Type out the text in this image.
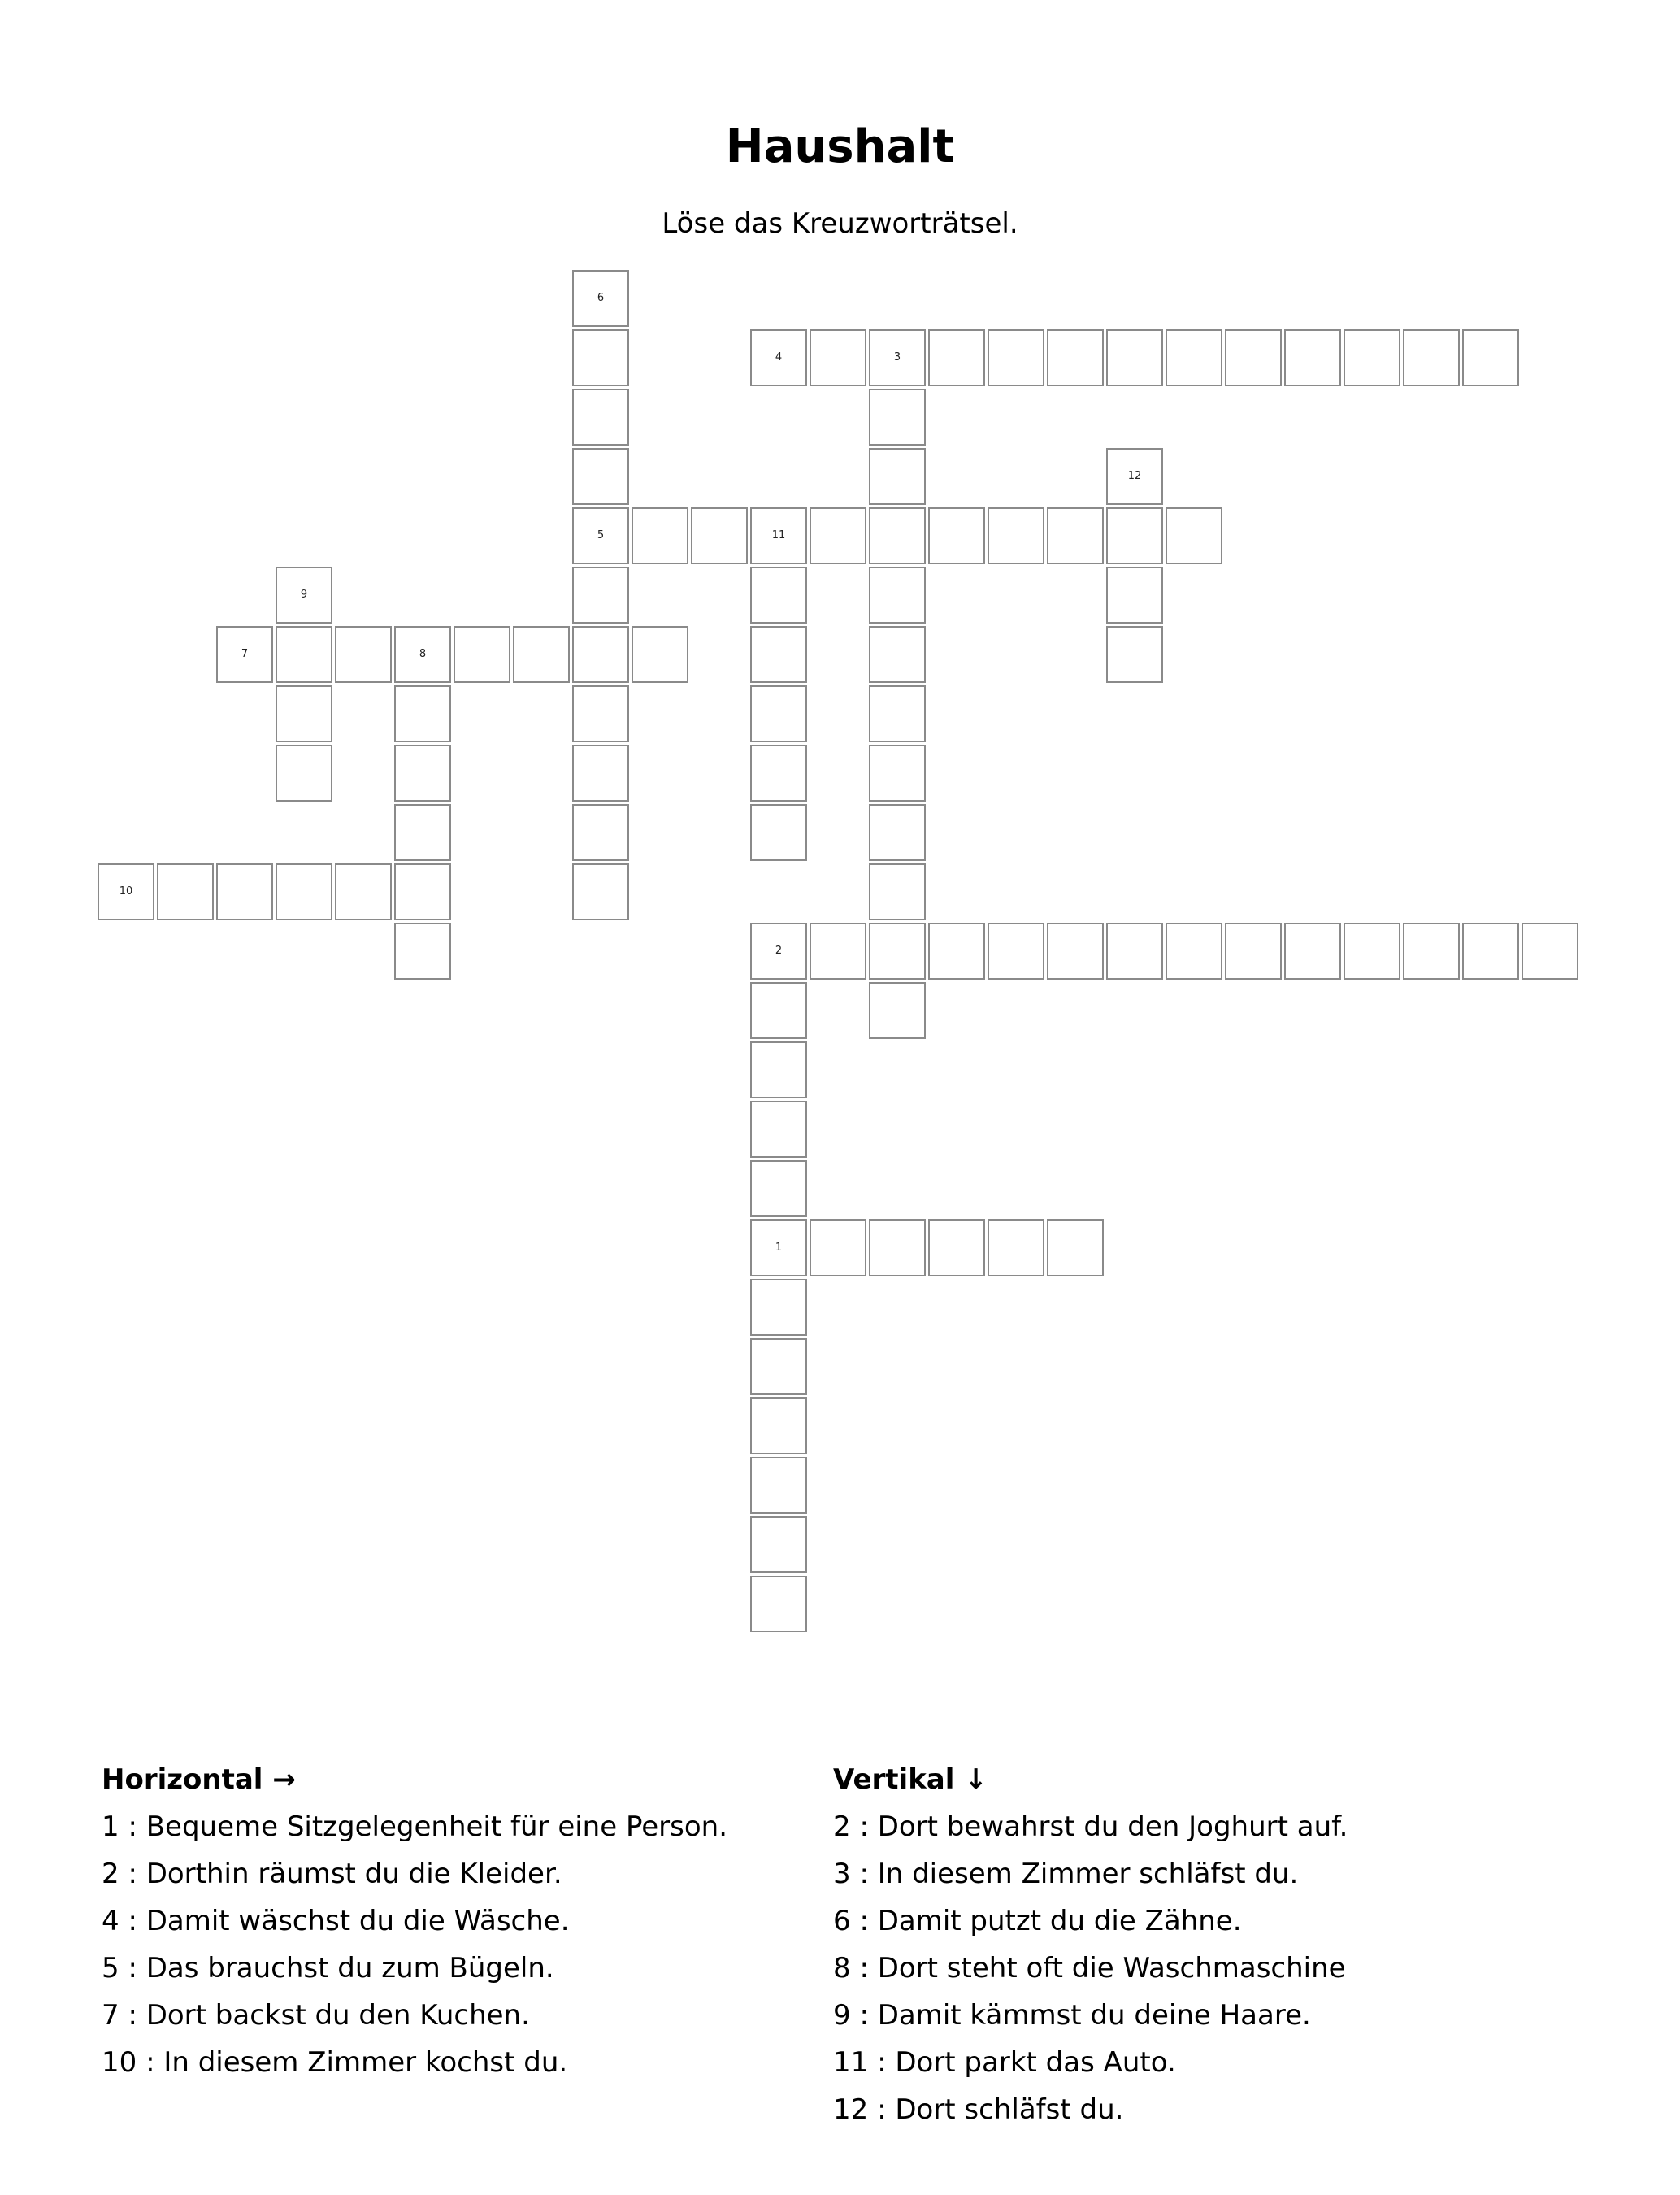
Haushalt
Löse das Kreuzworträtsel.
1
2
3
4
5	11
6
7	8
9
10
12
Horizontal →
1 : Bequeme Sitzgelegenheit für eine Person.
2 : Dorthin räumst du die Kleider.
4 : Damit wäschst du die Wäsche.
5 : Das brauchst du zum Bügeln.
7 : Dort backst du den Kuchen.
10 : In diesem Zimmer kochst du.
Vertikal ↓
2 : Dort bewahrst du den Joghurt auf.
3 : In diesem Zimmer schläfst du.
6 : Damit putzt du die Zähne.
8 : Dort steht oft die Waschmaschine
9 : Damit kämmst du deine Haare.
11 : Dort parkt das Auto.
12 : Dort schläfst du.
